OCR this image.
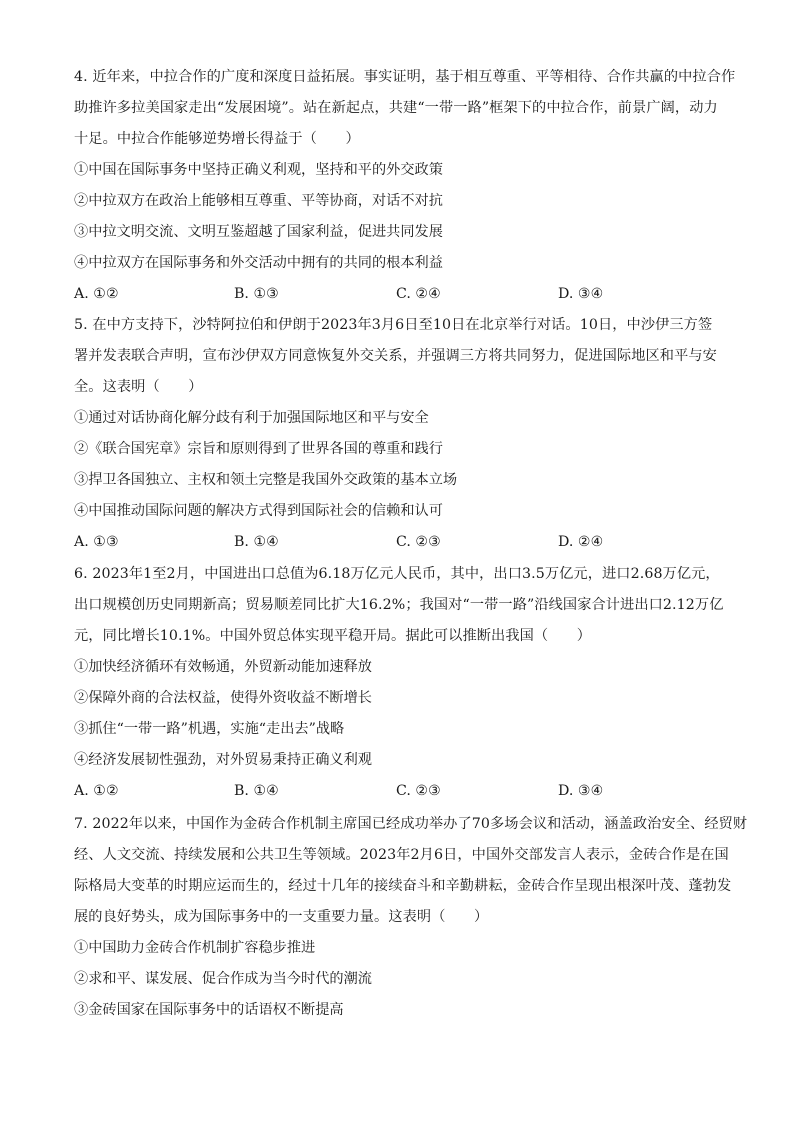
4. 近年来，中拉合作的广度和深度日益拓展。事实证明，基于相互尊重、平等相待、合作共赢的中拉合作
助推许多拉美国家走出“发展困境”。站在新起点，共建“一带一路”框架下的中拉合作，前景广阔，动力
十足。中拉合作能够逆势增长得益于（　　）
①中国在国际事务中坚持正确义利观，坚持和平的外交政策
②中拉双方在政治上能够相互尊重、平等协商，对话不对抗
③中拉文明交流、文明互鉴超越了国家利益，促进共同发展
④中拉双方在国际事务和外交活动中拥有的共同的根本利益
A. ①②	B. ①③	C. ②④	D. ③④
5. 在中方支持下，沙特阿拉伯和伊朗于2023年3月6日至10日在北京举行对话。10日，中沙伊三方签
署并发表联合声明，宣布沙伊双方同意恢复外交关系，并强调三方将共同努力，促进国际地区和平与安
全。这表明（　　）
①通过对话协商化解分歧有利于加强国际地区和平与安全
②《联合国宪章》宗旨和原则得到了世界各国的尊重和践行
③捍卫各国独立、主权和领土完整是我国外交政策的基本立场
④中国推动国际问题的解决方式得到国际社会的信赖和认可
A. ①③	B. ①④	C. ②③	D. ②④
6. 2023年1至2月，中国进出口总值为6.18万亿元人民币，其中，出口3.5万亿元，进口2.68万亿元，
出口规模创历史同期新高；贸易顺差同比扩大16.2%；我国对“一带一路”沿线国家合计进出口2.12万亿
元，同比增长10.1%。中国外贸总体实现平稳开局。据此可以推断出我国（　　）
①加快经济循环有效畅通，外贸新动能加速释放
②保障外商的合法权益，使得外资收益不断增长
③抓住“一带一路”机遇，实施“走出去”战略
④经济发展韧性强劲，对外贸易秉持正确义利观
A. ①②	B. ①④	C. ②③	D. ③④
7. 2022年以来，中国作为金砖合作机制主席国已经成功举办了70多场会议和活动，涵盖政治安全、经贸财
经、人文交流、持续发展和公共卫生等领域。2023年2月6日，中国外交部发言人表示，金砖合作是在国
际格局大变革的时期应运而生的，经过十几年的接续奋斗和辛勤耕耘，金砖合作呈现出根深叶茂、蓬勃发
展的良好势头，成为国际事务中的一支重要力量。这表明（　　）
①中国助力金砖合作机制扩容稳步推进
②求和平、谋发展、促合作成为当今时代的潮流
③金砖国家在国际事务中的话语权不断提高
